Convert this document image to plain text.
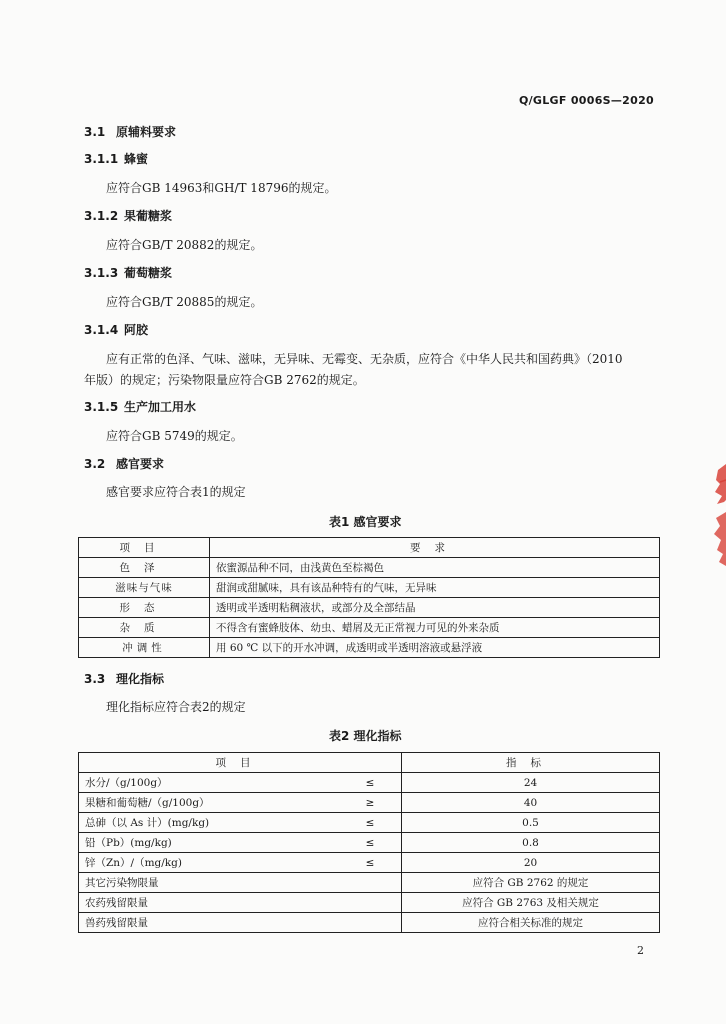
Q/GLGF 0006S—2020
3.1 原辅料要求
3.1.1 蜂蜜
应符合GB 14963和GH/T 18796的规定。
3.1.2 果葡糖浆
应符合GB/T 20882的规定。
3.1.3 葡萄糖浆
应符合GB/T 20885的规定。
3.1.4 阿胶
应有正常的色泽、气味、滋味，无异味、无霉变、无杂质，应符合《中华人民共和国药典》（2010
年版）的规定；污染物限量应符合GB 2762的规定。
3.1.5 生产加工用水
应符合GB 5749的规定。
3.2 感官要求
感官要求应符合表1的规定
表1 感官要求
项目	要求
色泽	依蜜源品种不同，由浅黄色至棕褐色
滋味与气味	甜润或甜腻味，具有该品种特有的气味，无异味
形态	透明或半透明粘稠液状，或部分及全部结晶
杂质	不得含有蜜蜂肢体、幼虫、蜡屑及无正常视力可见的外来杂质
冲调性	用 60 ℃ 以下的开水冲调，成透明或半透明溶液或悬浮液
3.3 理化指标
理化指标应符合表2的规定
表2 理化指标
项目		指标
水分/（g/100g）	≤	24
果糖和葡萄糖/（g/100g）	≥	40
总砷（以 As 计）(mg/kg)	≤	0.5
铅（Pb）(mg/kg)	≤	0.8
锌（Zn）/（mg/kg)	≤	20
其它污染物限量		应符合 GB 2762 的规定
农药残留限量		应符合 GB 2763 及相关规定
兽药残留限量		应符合相关标准的规定
2
